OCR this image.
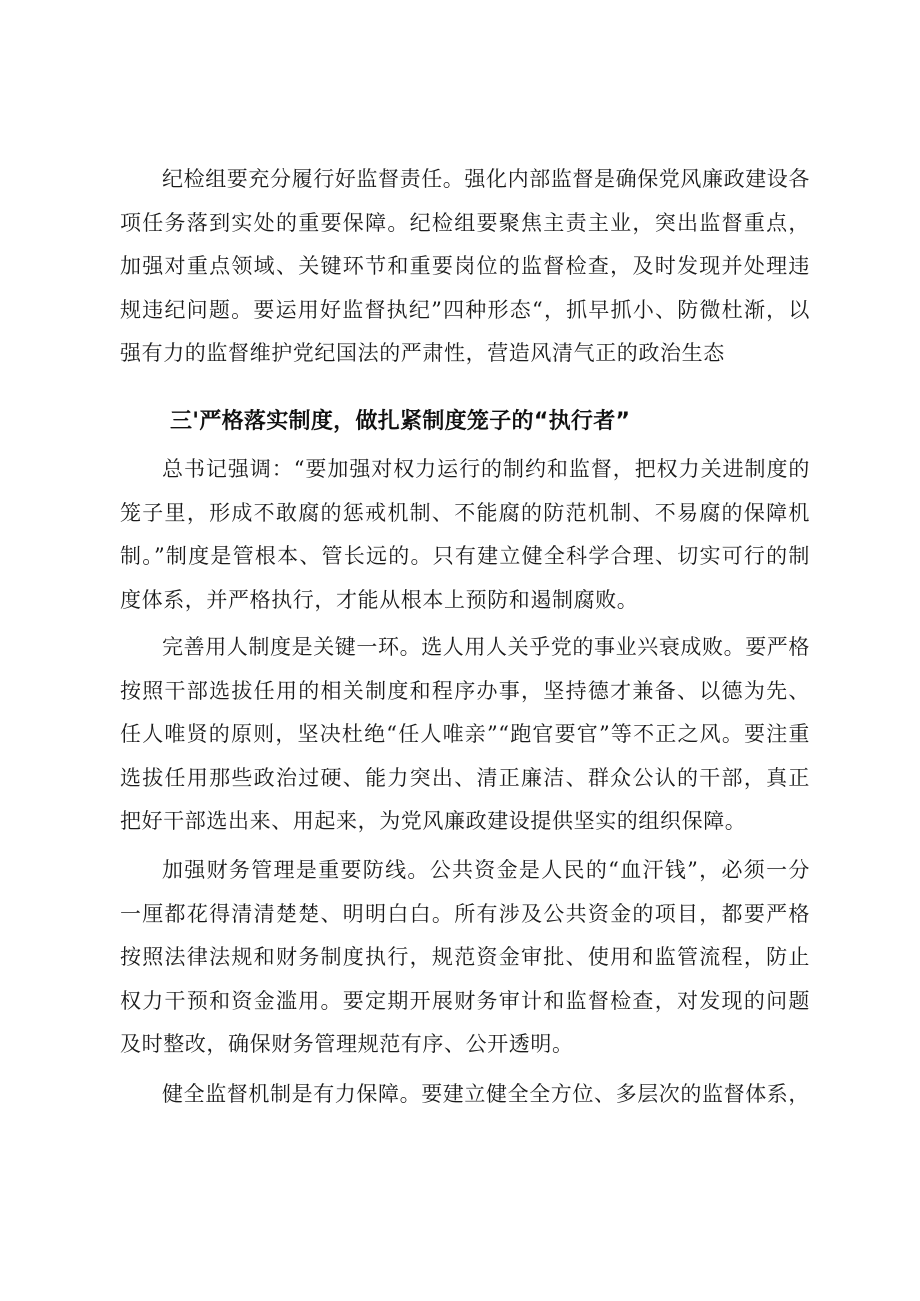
纪检组要充分履行好监督责任。强化内部监督是确保党风廉政建设各项任务落到实处的重要保障。纪检组要聚焦主责主业，突出监督重点，加强对重点领域、关键环节和重要岗位的监督检查，及时发现并处理违规违纪问题。要运用好监督执纪”四种形态“，抓早抓小、防微杜渐，以强有力的监督维护党纪国法的严肃性，营造风清气正的政治生态

三'严格落实制度，做扎紧制度笼子的“执行者”

总书记强调：“要加强对权力运行的制约和监督，把权力关进制度的笼子里，形成不敢腐的惩戒机制、不能腐的防范机制、不易腐的保障机制。”制度是管根本、管长远的。只有建立健全科学合理、切实可行的制度体系，并严格执行，才能从根本上预防和遏制腐败。

完善用人制度是关键一环。选人用人关乎党的事业兴衰成败。要严格按照干部选拔任用的相关制度和程序办事，坚持德才兼备、以德为先、任人唯贤的原则，坚决杜绝“任人唯亲”“跑官要官”等不正之风。要注重选拔任用那些政治过硬、能力突出、清正廉洁、群众公认的干部，真正把好干部选出来、用起来，为党风廉政建设提供坚实的组织保障。

加强财务管理是重要防线。公共资金是人民的“血汗钱”，必须一分一厘都花得清清楚楚、明明白白。所有涉及公共资金的项目，都要严格按照法律法规和财务制度执行，规范资金审批、使用和监管流程，防止权力干预和资金滥用。要定期开展财务审计和监督检查，对发现的问题及时整改，确保财务管理规范有序、公开透明。

健全监督机制是有力保障。要建立健全全方位、多层次的监督体系，
